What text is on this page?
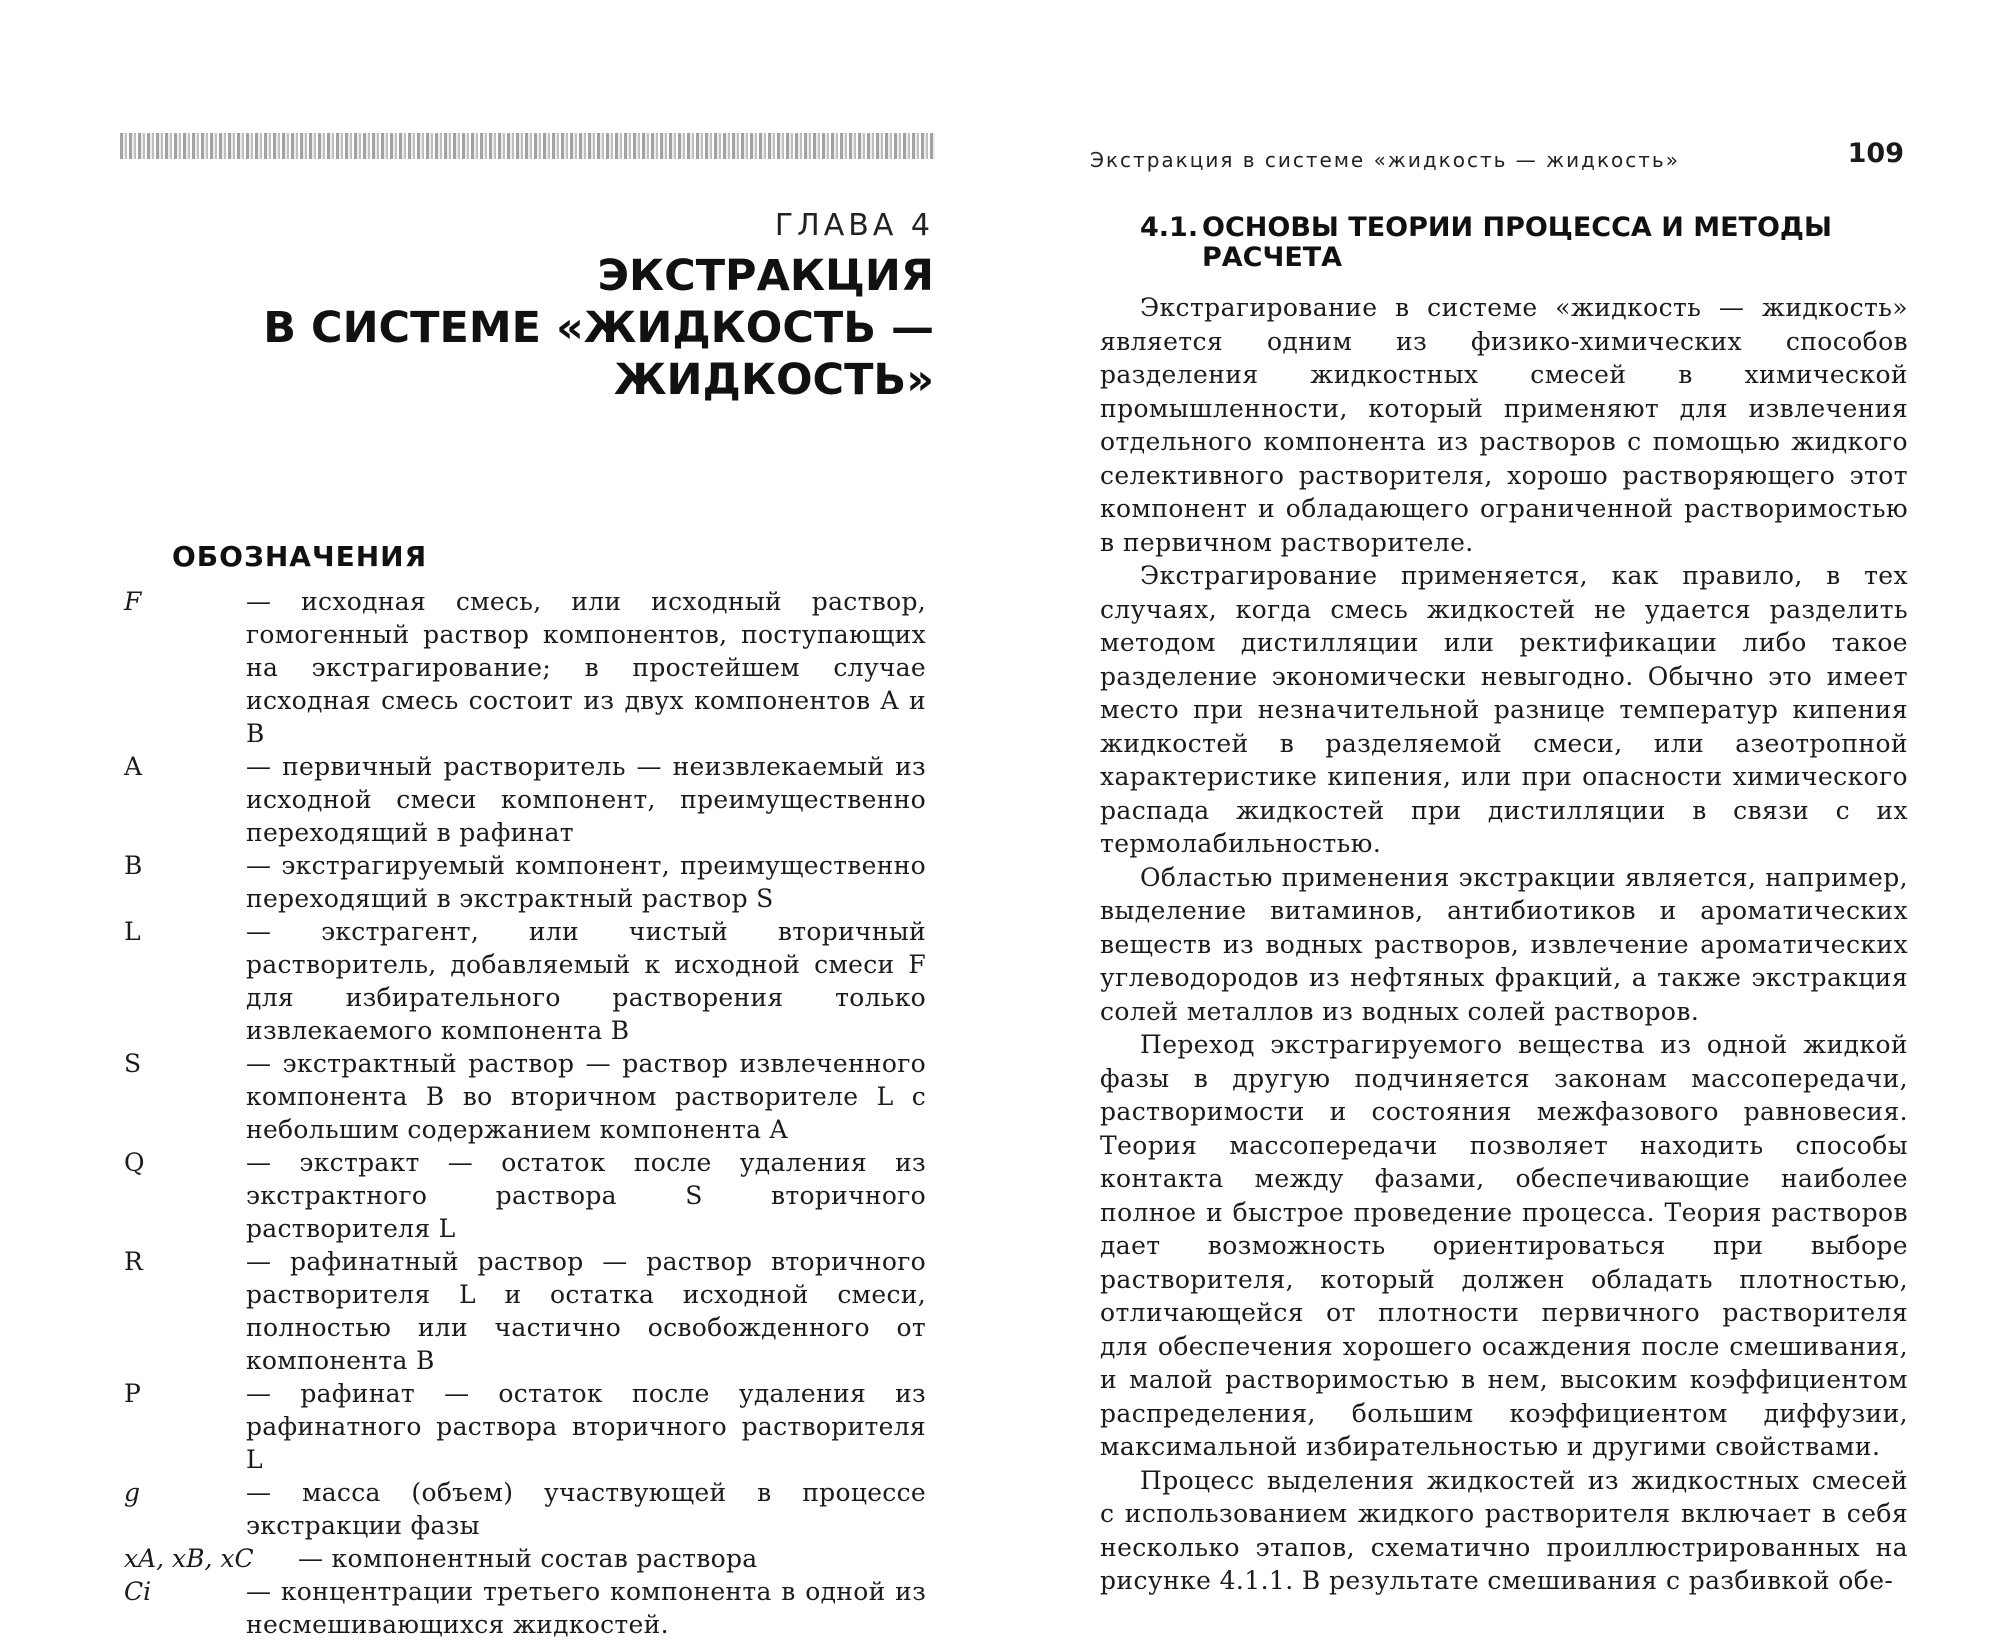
ГЛАВА 4
ЭКСТРАКЦИЯ
В СИСТЕМЕ «ЖИДКОСТЬ — ЖИДКОСТЬ»
ОБОЗНАЧЕНИЯ
F	— исходная смесь, или исходный раствор, гомогенный раствор компонентов, поступающих на экстрагирование; в простейшем случае исходная смесь состоит из двух компонентов A и B
A	— первичный растворитель — неизвлекаемый из исходной смеси компонент, преимущественно переходящий в рафинат
B	— экстрагируемый компонент, преимущественно переходящий в экстрактный раствор S
L	— экстрагент, или чистый вторичный растворитель, добавляемый к исходной смеси F для избирательного растворения только извлекаемого компонента B
S	— экстрактный раствор — раствор извлеченного компонента B во вторичном растворителе L с небольшим содержанием компонента A
Q	— экстракт — остаток после удаления из экстрактного раствора S вторичного растворителя L
R	— рафинатный раствор — раствор вторичного растворителя L и остатка исходной смеси, полностью или частично освобожденного от компонента B
P	— рафинат — остаток после удаления из рафинатного раствора вторичного растворителя L
g	— масса (объем) участвующей в процессе экстракции фазы
xA, xB, xC — компонентный состав раствора
Ci	— концентрации третьего компонента в одной из несмешивающихся жидкостей.
Экстракция в системе «жидкость — жидкость»	109
4.1. ОСНОВЫ ТЕОРИИ ПРОЦЕССА И МЕТОДЫ
РАСЧЕТА

Экстрагирование в системе «жидкость — жидкость» является одним из физико-химических способов разделения жидкостных смесей в химической промышленности, который применяют для извлечения отдельного компонента из растворов с помощью жидкого селективного растворителя, хорошо растворяющего этот компонент и обладающего ограниченной растворимостью в первичном растворителе.

Экстрагирование применяется, как правило, в тех случаях, когда смесь жидкостей не удается разделить методом дистилляции или ректификации либо такое разделение экономически невыгодно. Обычно это имеет место при незначительной разнице температур кипения жидкостей в разделяемой смеси, или азеотропной характеристике кипения, или при опасности химического распада жидкостей при дистилляции в связи с их термолабильностью.

Областью применения экстракции является, например, выделение витаминов, антибиотиков и ароматических веществ из водных растворов, извлечение ароматических углеводородов из нефтяных фракций, а также экстракция солей металлов из водных солей растворов.

Переход экстрагируемого вещества из одной жидкой фазы в другую подчиняется законам массопередачи, растворимости и состояния межфазового равновесия. Теория массопередачи позволяет находить способы контакта между фазами, обеспечивающие наиболее полное и быстрое проведение процесса. Теория растворов дает возможность ориентироваться при выборе растворителя, который должен обладать плотностью, отличающейся от плотности первичного растворителя для обеспечения хорошего осаждения после смешивания, и малой растворимостью в нем, высоким коэффициентом распределения, большим коэффициентом диффузии, максимальной избирательностью и другими свойствами.

Процесс выделения жидкостей из жидкостных смесей с использованием жидкого растворителя включает в себя несколько этапов, схематично проиллюстрированных на рисунке 4.1.1. В результате смешивания с разбивкой обе-
